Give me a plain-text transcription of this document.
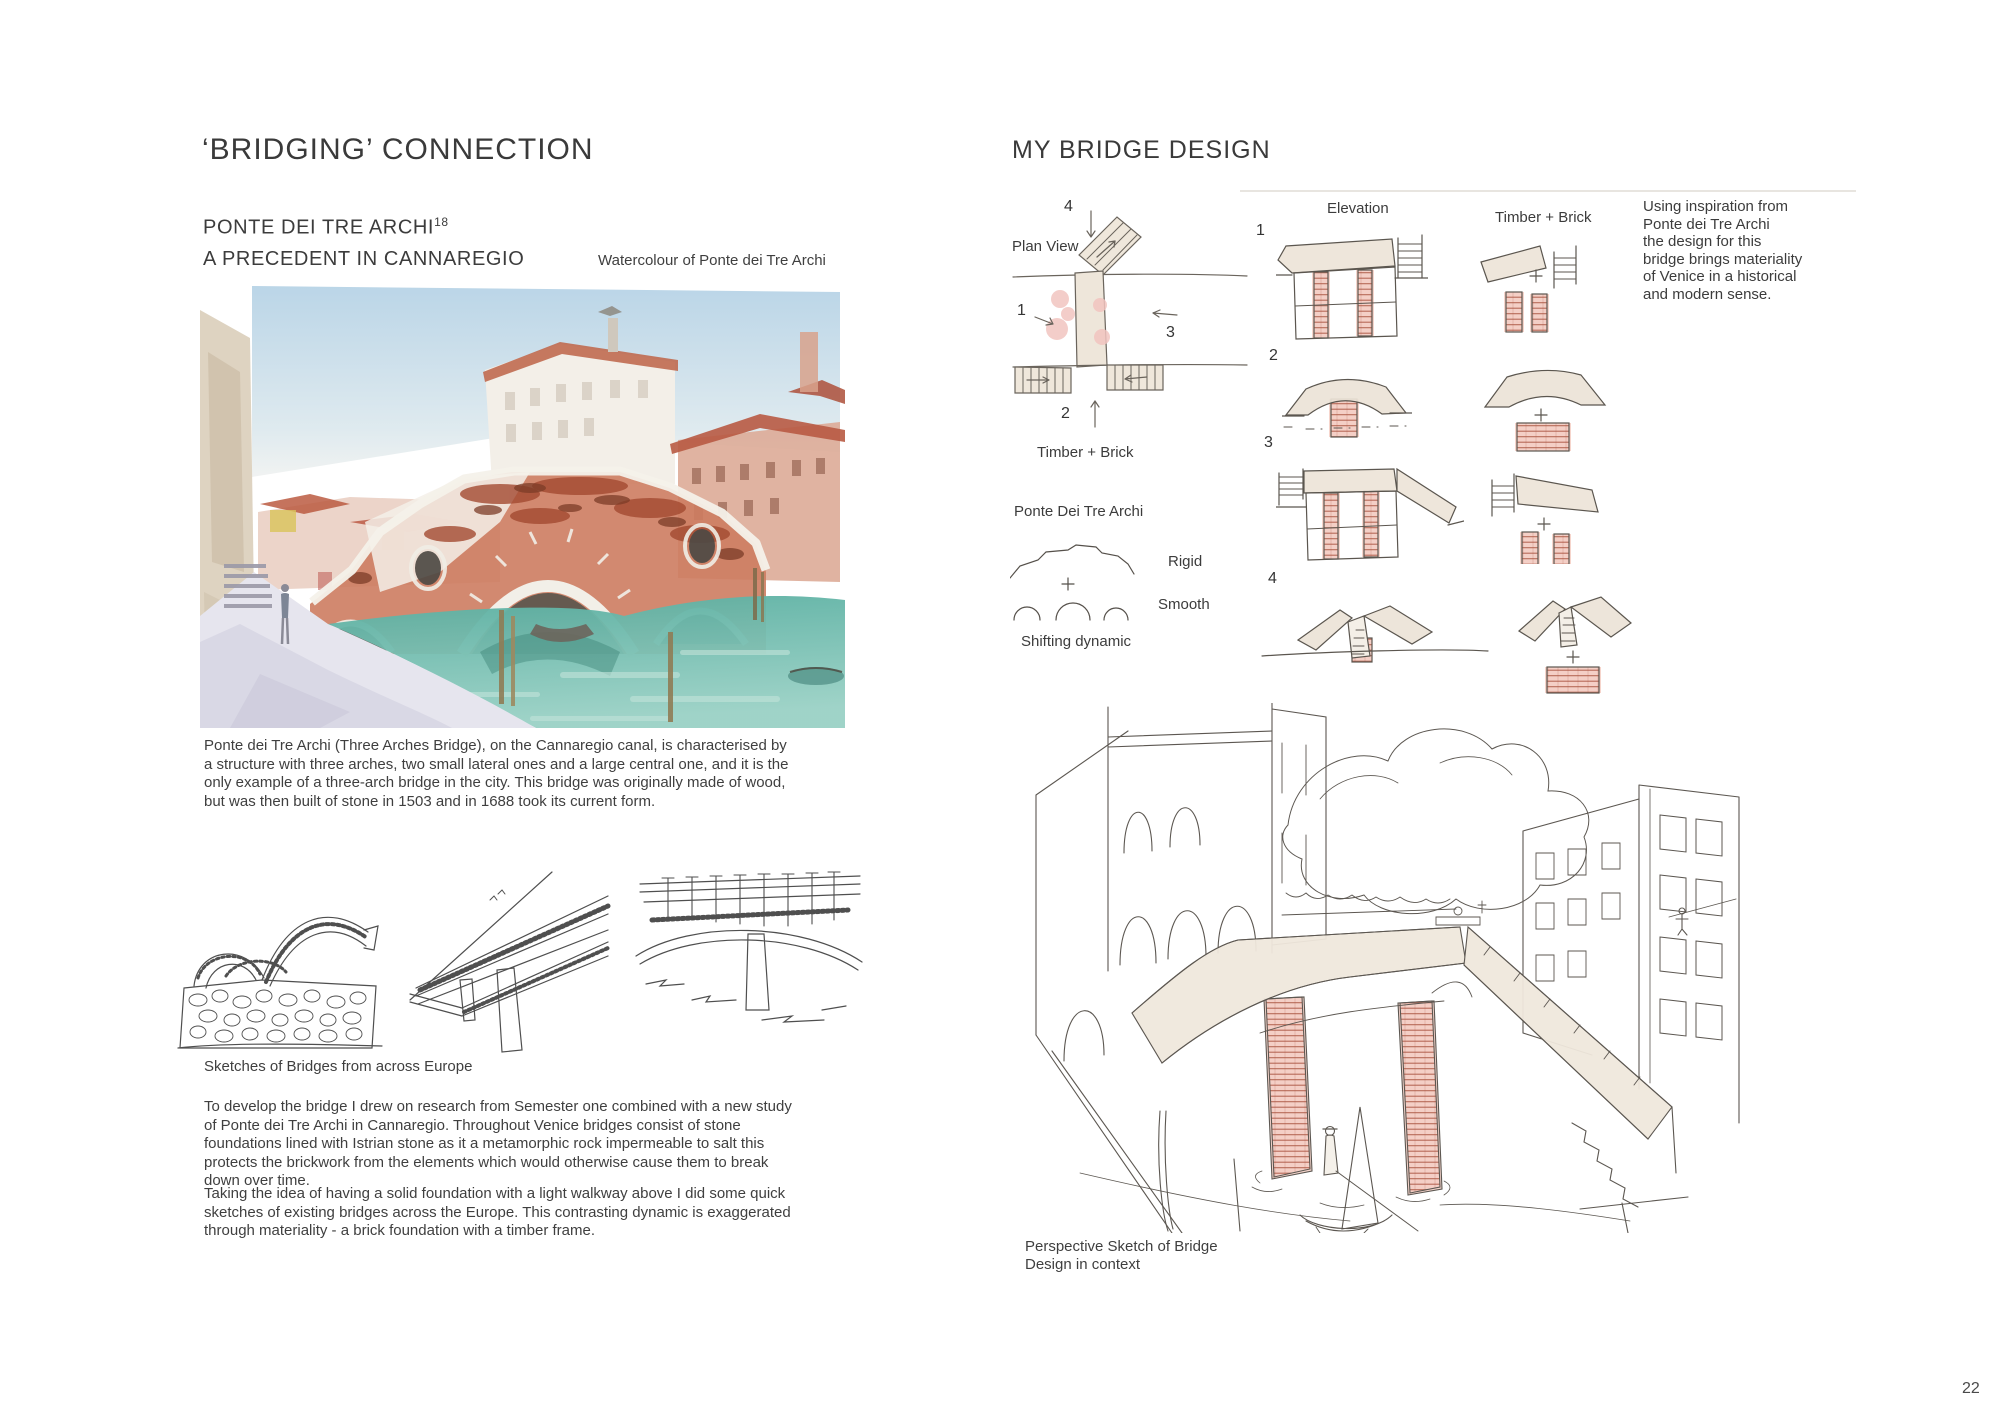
‘BRIDGING’ CONNECTION
PONTE DEI TRE ARCHI$^{18}$
A PRECEDENT IN CANNAREGIO	Watercolour of Ponte dei Tre Archi

Ponte dei Tre Archi (Three Arches Bridge), on the Cannaregio canal, is characterised by a structure with three arches, two small lateral ones and a large central one, and it is the only example of a three-arch bridge in the city. This bridge was originally made of wood, but was then built of stone in 1503 and in 1688 took its current form.

Sketches of Bridges from across Europe

To develop the bridge I drew on research from Semester one combined with a new study of Ponte dei Tre Archi in Cannaregio. Throughout Venice bridges consist of stone foundations lined with Istrian stone as it a metamorphic rock impermeable to salt this protects the brickwork from the elements which would otherwise cause them to break down over time.

Taking the idea of having a solid foundation with a light walkway above I did some quick sketches of existing bridges across the Europe. This contrasting dynamic is exaggerated through materiality - a brick foundation with a timber frame.

MY BRIDGE DESIGN
4
Plan View
1
3
2
Timber + Brick
Elevation
1
2
3
4
Timber + Brick
Using inspiration from
Ponte dei Tre Archi
the design for this
bridge brings materiality
of Venice in a historical
and modern sense.
Ponte Dei Tre Archi
Rigid
Smooth
Shifting dynamic
Perspective Sketch of Bridge
Design in context
22
